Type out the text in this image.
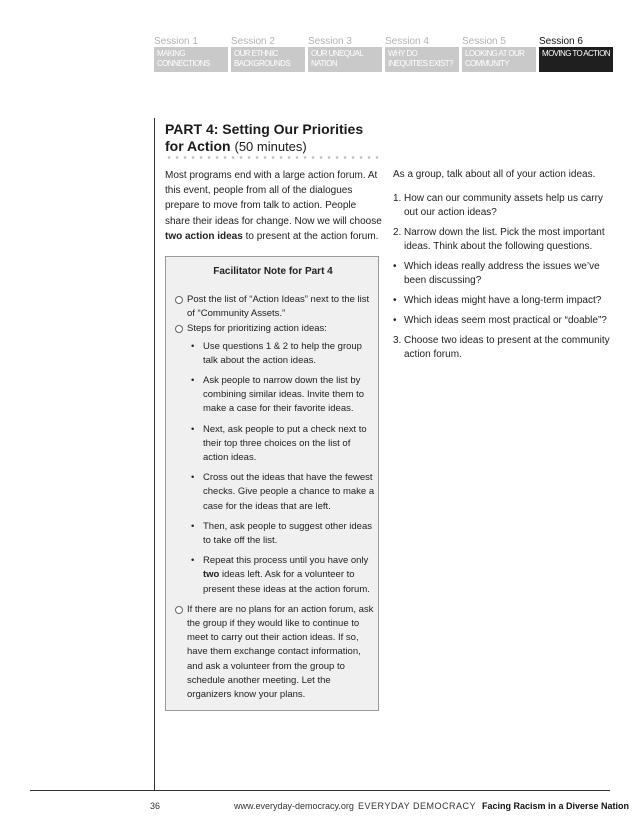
Session 1
MAKING CONNECTIONS
Session 2
OUR ETHNIC BACKGROUNDS
Session 3
OUR UNEQUAL NATION
Session 4
WHY DO INEQUITIES EXIST?
Session 5
LOOKING AT OUR COMMUNITY
Session 6
MOVING TO ACTION
PART 4: Setting Our Priorities for Action (50 minutes)
Most programs end with a large action forum. At this event, people from all of the dialogues prepare to move from talk to action. People share their ideas for change. Now we will choose two action ideas to present at the action forum.
Facilitator Note for Part 4
Post the list of “Action Ideas” next to the list of “Community Assets.”
Steps for prioritizing action ideas:
• Use questions 1 & 2 to help the group talk about the action ideas.
• Ask people to narrow down the list by combining similar ideas. Invite them to make a case for their favorite ideas.
• Next, ask people to put a check next to their top three choices on the list of action ideas.
• Cross out the ideas that have the fewest checks. Give people a chance to make a case for the ideas that are left.
• Then, ask people to suggest other ideas to take off the list.
• Repeat this process until you have only two ideas left. Ask for a volunteer to present these ideas at the action forum.
If there are no plans for an action forum, ask the group if they would like to continue to meet to carry out their action ideas. If so, have them exchange contact information, and ask a volunteer from the group to schedule another meeting. Let the organizers know your plans.
As a group, talk about all of your action ideas.
1. How can our community assets help us carry out our action ideas?
2. Narrow down the list. Pick the most important ideas. Think about the following questions.
• Which ideas really address the issues we’ve been discussing?
• Which ideas might have a long-term impact?
• Which ideas seem most practical or “doable”?
3. Choose two ideas to present at the community action forum.
36	www.everyday-democracy.org EVERYDAY DEMOCRACY Facing Racism in a Diverse Nation
